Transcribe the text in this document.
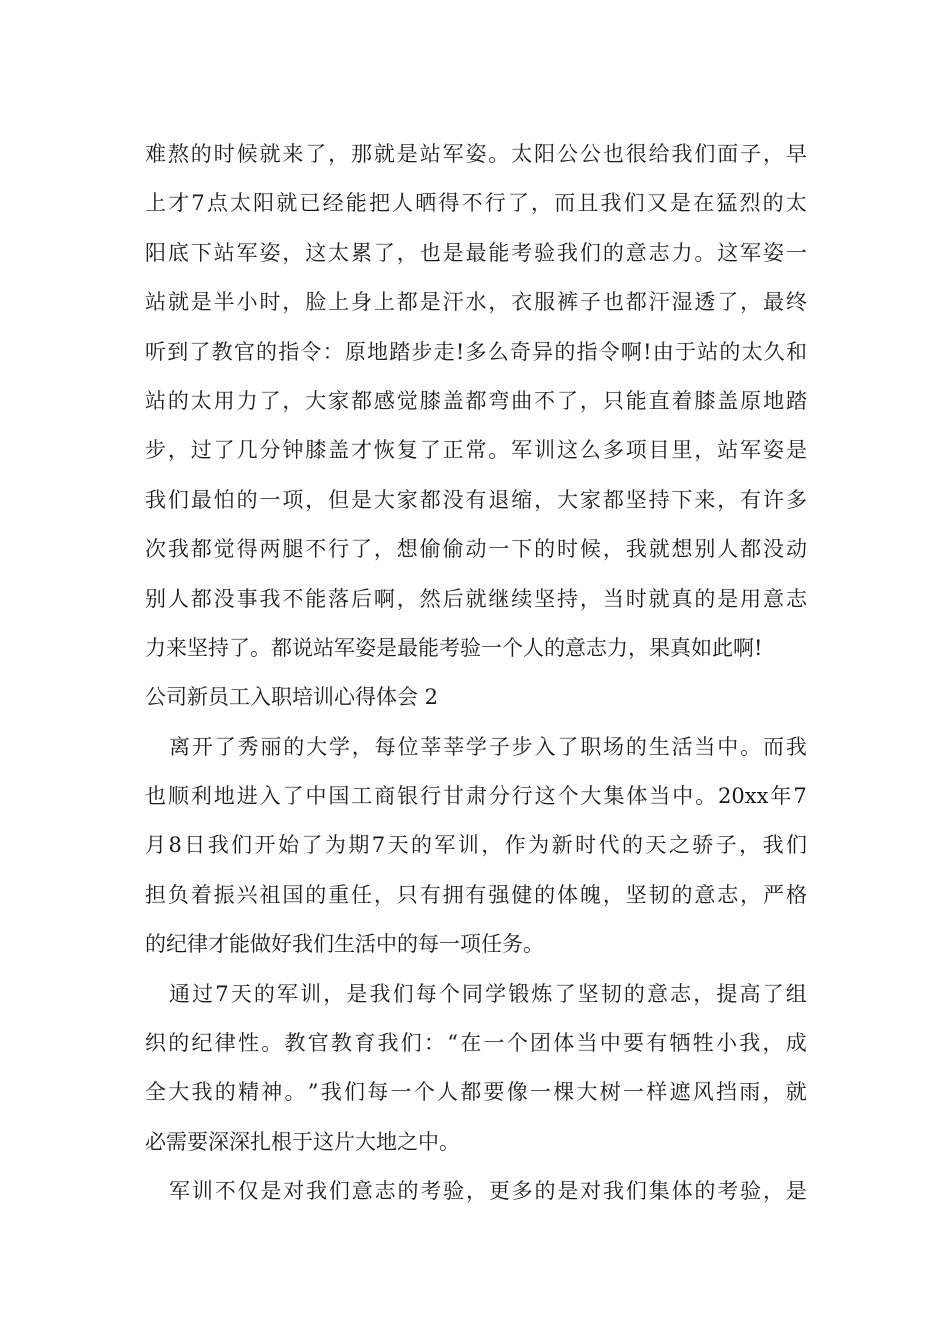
难 熬 的 时 候 就 来 了 ， 那 就 是 站 军 姿 。 太 阳 公 公 也 很 给 我 们 面 子 ， 早
上 才 7 点 太 阳 就 已 经 能 把 人 晒 得 不 行 了 ， 而 且 我 们 又 是 在 猛 烈 的 太
阳 底 下 站 军 姿 ， 这 太 累 了 ， 也 是 最 能 考 验 我 们 的 意 志 力 。 这 军 姿 一
站 就 是 半 小 时 ， 脸 上 身 上 都 是 汗 水 ， 衣 服 裤 子 也 都 汗 湿 透 了 ， 最 终
听 到 了 教 官 的 指 令 ： 原 地 踏 步 走 ! 多 么 奇 异 的 指 令 啊 ! 由 于 站 的 太 久 和
站 的 太 用 力 了 ， 大 家 都 感 觉 膝 盖 都 弯 曲 不 了 ， 只 能 直 着 膝 盖 原 地 踏
步 ， 过 了 几 分 钟 膝 盖 才 恢 复 了 正 常 。 军 训 这 么 多 项 目 里 ， 站 军 姿 是
我 们 最 怕 的 一 项 ， 但 是 大 家 都 没 有 退 缩 ， 大 家 都 坚 持 下 来 ， 有 许 多
次 我 都 觉 得 两 腿 不 行 了 ， 想 偷 偷 动 一 下 的 时 候 ， 我 就 想 别 人 都 没 动
别 人 都 没 事 我 不 能 落 后 啊 ， 然 后 就 继 续 坚 持 ， 当 时 就 真 的 是 用 意 志
力来坚持了。都说站军姿是最能考验一个人的意志力，果真如此啊!
公司新员工入职培训心得体会 2
离 开 了 秀 丽 的 大 学 ， 每 位 莘 莘 学 子 步 入 了 职 场 的 生 活 当 中 。 而 我
也 顺 利 地 进 入 了 中 国 工 商 银 行 甘 肃 分 行 这 个 大 集 体 当 中 。 20xx 年 7
月 8 日 我 们 开 始 了 为 期 7 天 的 军 训 ， 作 为 新 时 代 的 天 之 骄 子 ， 我 们
担 负 着 振 兴 祖 国 的 重 任 ， 只 有 拥 有 强 健 的 体 魄 ， 坚 韧 的 意 志 ， 严 格
的纪律才能做好我们生活中的每一项任务。
通 过 7 天 的 军 训 ， 是 我 们 每 个 同 学 锻 炼 了 坚 韧 的 意 志 ， 提 高 了 组
织 的 纪 律 性 。 教 官 教 育 我 们 ： “ 在 一 个 团 体 当 中 要 有 牺 牲 小 我 ， 成
全 大 我 的 精 神 。 ” 我 们 每 一 个 人 都 要 像 一 棵 大 树 一 样 遮 风 挡 雨 ， 就
必需要深深扎根于这片大地之中。
军 训 不 仅 是 对 我 们 意 志 的 考 验 ， 更 多 的 是 对 我 们 集 体 的 考 验 ， 是
